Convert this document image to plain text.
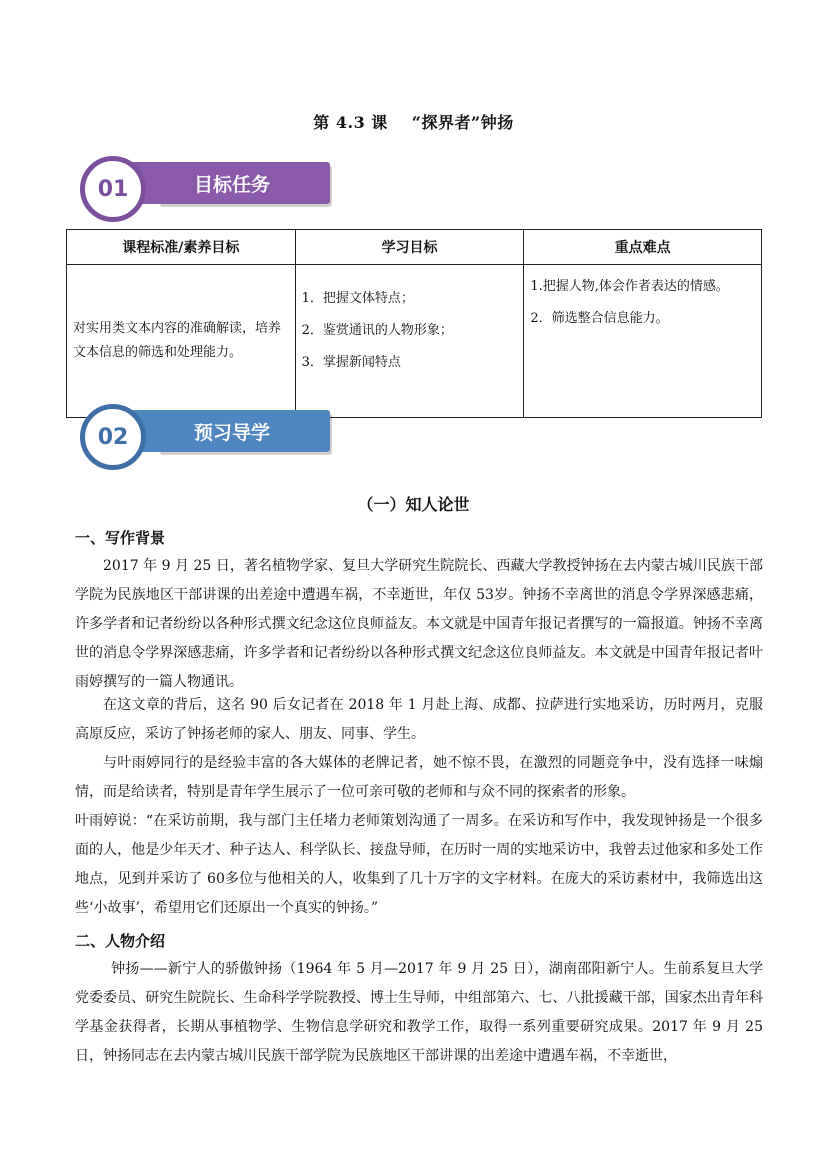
第 4.3 课 “探界者”钟扬
目标任务
01
课程标准/素养目标	学习目标	重点难点
对实用类文本内容的准确解读，培养文本信息的筛选和处理能力。	1．把握文体特点；
2．鉴赏通讯的人物形象；
3．掌握新闻特点	1.把握人物,体会作者表达的情感。
2．筛选整合信息能力。
预习导学
02
（一）知人论世
一、写作背景

2017 年 9 月 25 日，著名植物学家、复旦大学研究生院院长、西藏大学教授钟扬在去内蒙古城川民族干部学院为民族地区干部讲课的出差途中遭遇车祸，不幸逝世，年仅 53岁。钟扬不幸离世的消息令学界深感悲痛，许多学者和记者纷纷以各种形式撰文纪念这位良师益友。本文就是中国青年报记者撰写的一篇报道。钟扬不幸离世的消息令学界深感悲痛，许多学者和记者纷纷以各种形式撰文纪念这位良师益友。本文就是中国青年报记者叶雨婷撰写的一篇人物通讯。

在这文章的背后，这名 90 后女记者在 2018 年 1 月赴上海、成都、拉萨进行实地采访，历时两月，克服高原反应，采访了钟扬老师的家人、朋友、同事、学生。

与叶雨婷同行的是经验丰富的各大媒体的老牌记者，她不惊不畏，在激烈的同题竞争中，没有选择一味煽情，而是给读者，特别是青年学生展示了一位可亲可敬的老师和与众不同的探索者的形象。

叶雨婷说：“在采访前期，我与部门主任堵力老师策划沟通了一周多。在采访和写作中，我发现钟扬是一个很多面的人，他是少年天才、种子达人、科学队长、接盘导师，在历时一周的实地采访中，我曾去过他家和多处工作地点，见到并采访了 60多位与他相关的人，收集到了几十万字的文字材料。在庞大的采访素材中，我筛选出这些‘小故事’，希望用它们还原出一个真实的钟扬。”

二、人物介绍

钟扬——新宁人的骄傲钟扬（1964 年 5 月—2017 年 9 月 25 日），湖南邵阳新宁人。生前系复旦大学党委委员、研究生院院长、生命科学学院教授、博士生导师，中组部第六、七、八批援藏干部，国家杰出青年科学基金获得者，长期从事植物学、生物信息学研究和教学工作，取得一系列重要研究成果。2017 年 9 月 25 日，钟扬同志在去内蒙古城川民族干部学院为民族地区干部讲课的出差途中遭遇车祸，不幸逝世，
